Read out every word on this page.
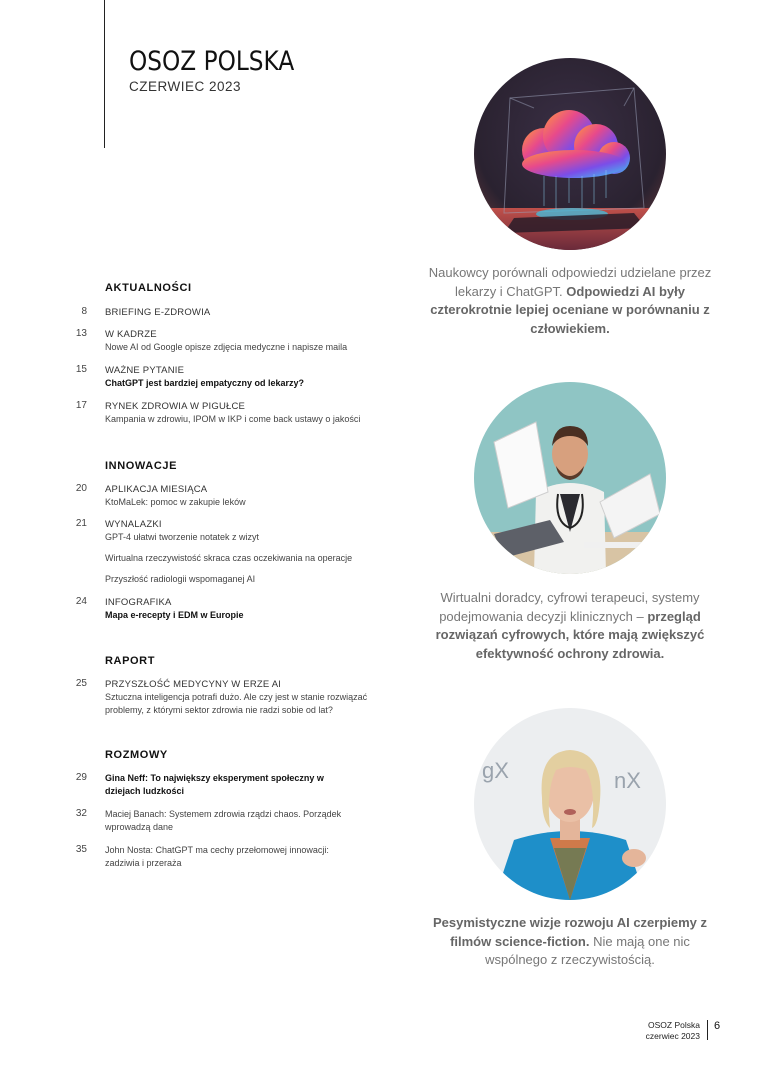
OSOZ POLSKA
CZERWIEC 2023
AKTUALNOŚCI
8 BRIEFING E-ZDROWIA
13 W KADRZE
Nowe AI od Google opisze zdjęcia medyczne i napisze maila
15 WAŻNE PYTANIE
ChatGPT jest bardziej empatyczny od lekarzy?
17 RYNEK ZDROWIA W PIGUŁCE
Kampania w zdrowiu, IPOM w IKP i come back ustawy o jakości
INNOWACJE
20 APLIKACJA MIESIĄCA
KtoMaLek: pomoc w zakupie leków
21 WYNALAZKI
GPT-4 ułatwi tworzenie notatek z wizyt
Wirtualna rzeczywistość skraca czas oczekiwania na operacje
Przyszłość radiologii wspomaganej AI
24 INFOGRAFIKA
Mapa e-recepty i EDM w Europie
RAPORT
25 PRZYSZŁOŚĆ MEDYCYNY W ERZE AI
Sztuczna inteligencja potrafi dużo. Ale czy jest w stanie rozwiązać problemy, z którymi sektor zdrowia nie radzi sobie od lat?
ROZMOWY
29 Gina Neff: To największy eksperyment społeczny w dziejach ludzkości
32 Maciej Banach: Systemem zdrowia rządzi chaos. Porządek wprowadzą dane
35 John Nosta: ChatGPT ma cechy przełomowej innowacji: zadziwia i przeraża
Naukowcy porównali odpowiedzi udzielane przez lekarzy i ChatGPT. Odpowiedzi AI były czterokrotnie lepiej oceniane w porównaniu z człowiekiem.
Wirtualni doradcy, cyfrowi terapeuci, systemy podejmowania decyzji klinicznych – przegląd rozwiązań cyfrowych, które mają zwiększyć efektywność ochrony zdrowia.
gX	nX
Pesymistyczne wizje rozwoju AI czerpiemy z filmów science-fiction. Nie mają one nic wspólnego z rzeczywistością.
OSOZ Polska
czerwiec 2023
6
